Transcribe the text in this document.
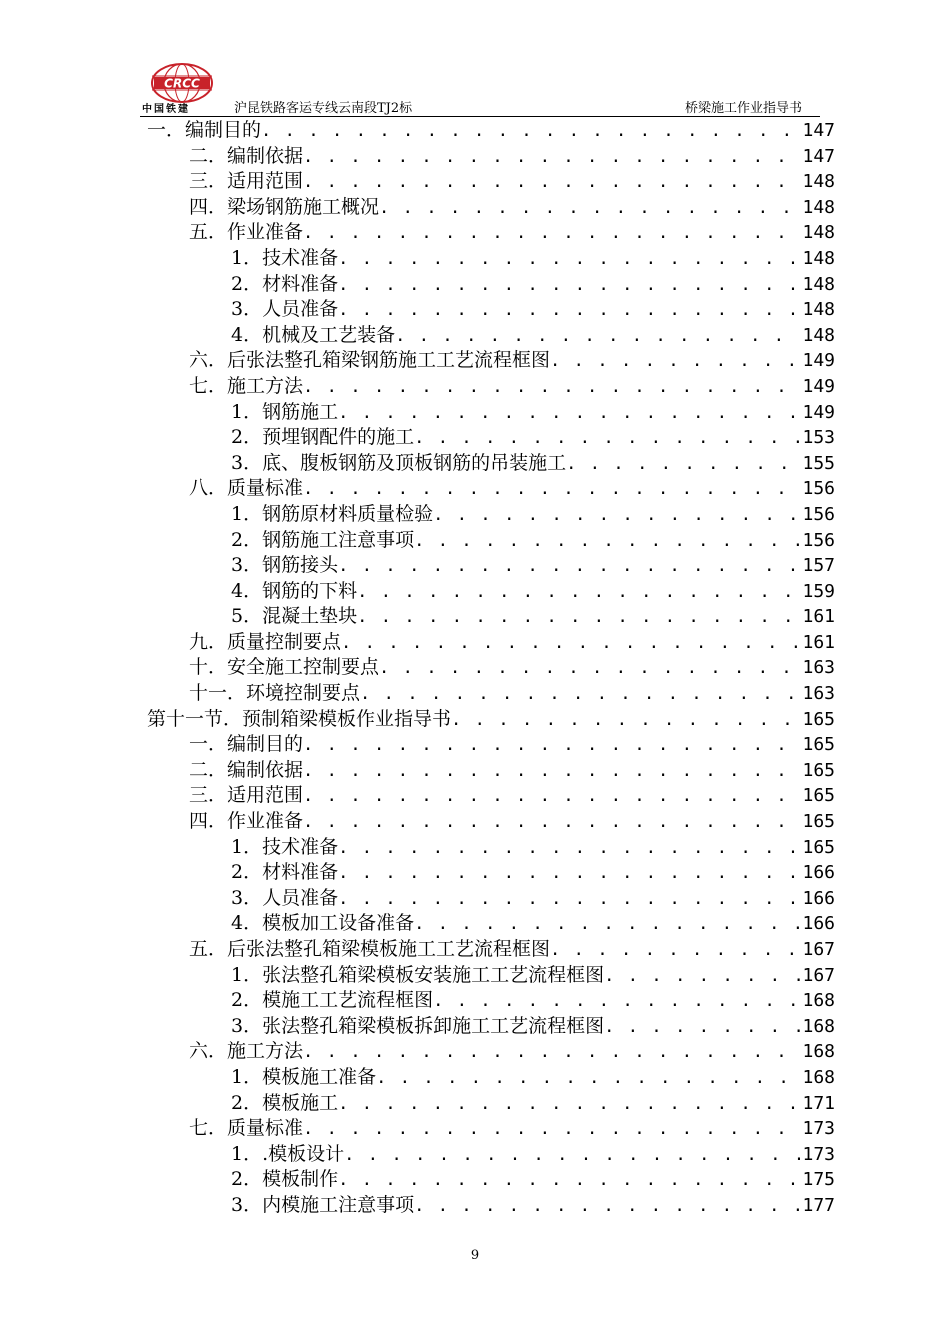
CRCC
中国铁建	沪昆铁路客运专线云南段TJ2标	桥梁施工作业指导书
一．编制目的 . . .	147
二．编制依据 . . .	147
三．适用范围 . . .	148
四．梁场钢筋施工概况 . . .	148
五．作业准备 . . .	148
1．技术准备 . . .	148
2．材料准备 . . .	148
3．人员准备 . . .	148
4．机械及工艺装备 . . .	148
六．后张法整孔箱梁钢筋施工工艺流程框图 . . .	149
七．施工方法 . . .	149
1．钢筋施工 . . .	149
2．预埋钢配件的施工 . . .	153
3．底、腹板钢筋及顶板钢筋的吊装施工 . . .	155
八．质量标准 . . .	156
1．钢筋原材料质量检验 . . .	156
2．钢筋施工注意事项 . . .	156
3．钢筋接头 . . .	157
4．钢筋的下料 . . .	159
5．混凝土垫块 . . .	161
九．质量控制要点 . . .	161
十．安全施工控制要点 . . .	163
十一．环境控制要点 . . .	163
第十一节．预制箱梁模板作业指导书 . . .	165
一．编制目的 . . .	165
二．编制依据 . . .	165
三．适用范围 . . .	165
四．作业准备 . . .	165
1．技术准备 . . .	165
2．材料准备 . . .	166
3．人员准备 . . .	166
4．模板加工设备准备 . . .	166
五．后张法整孔箱梁模板施工工艺流程框图 . . .	167
1．张法整孔箱梁模板安装施工工艺流程框图 . . .	167
2．模施工工艺流程框图 . . .	168
3．张法整孔箱梁模板拆卸施工工艺流程框图 . . .	168
六．施工方法 . . .	168
1．模板施工准备 . . .	168
2．模板施工 . . .	171
七．质量标准 . . .	173
1．.模板设计 . . .	173
2．模板制作 . . .	175
3．内模施工注意事项 . . .	177
9
